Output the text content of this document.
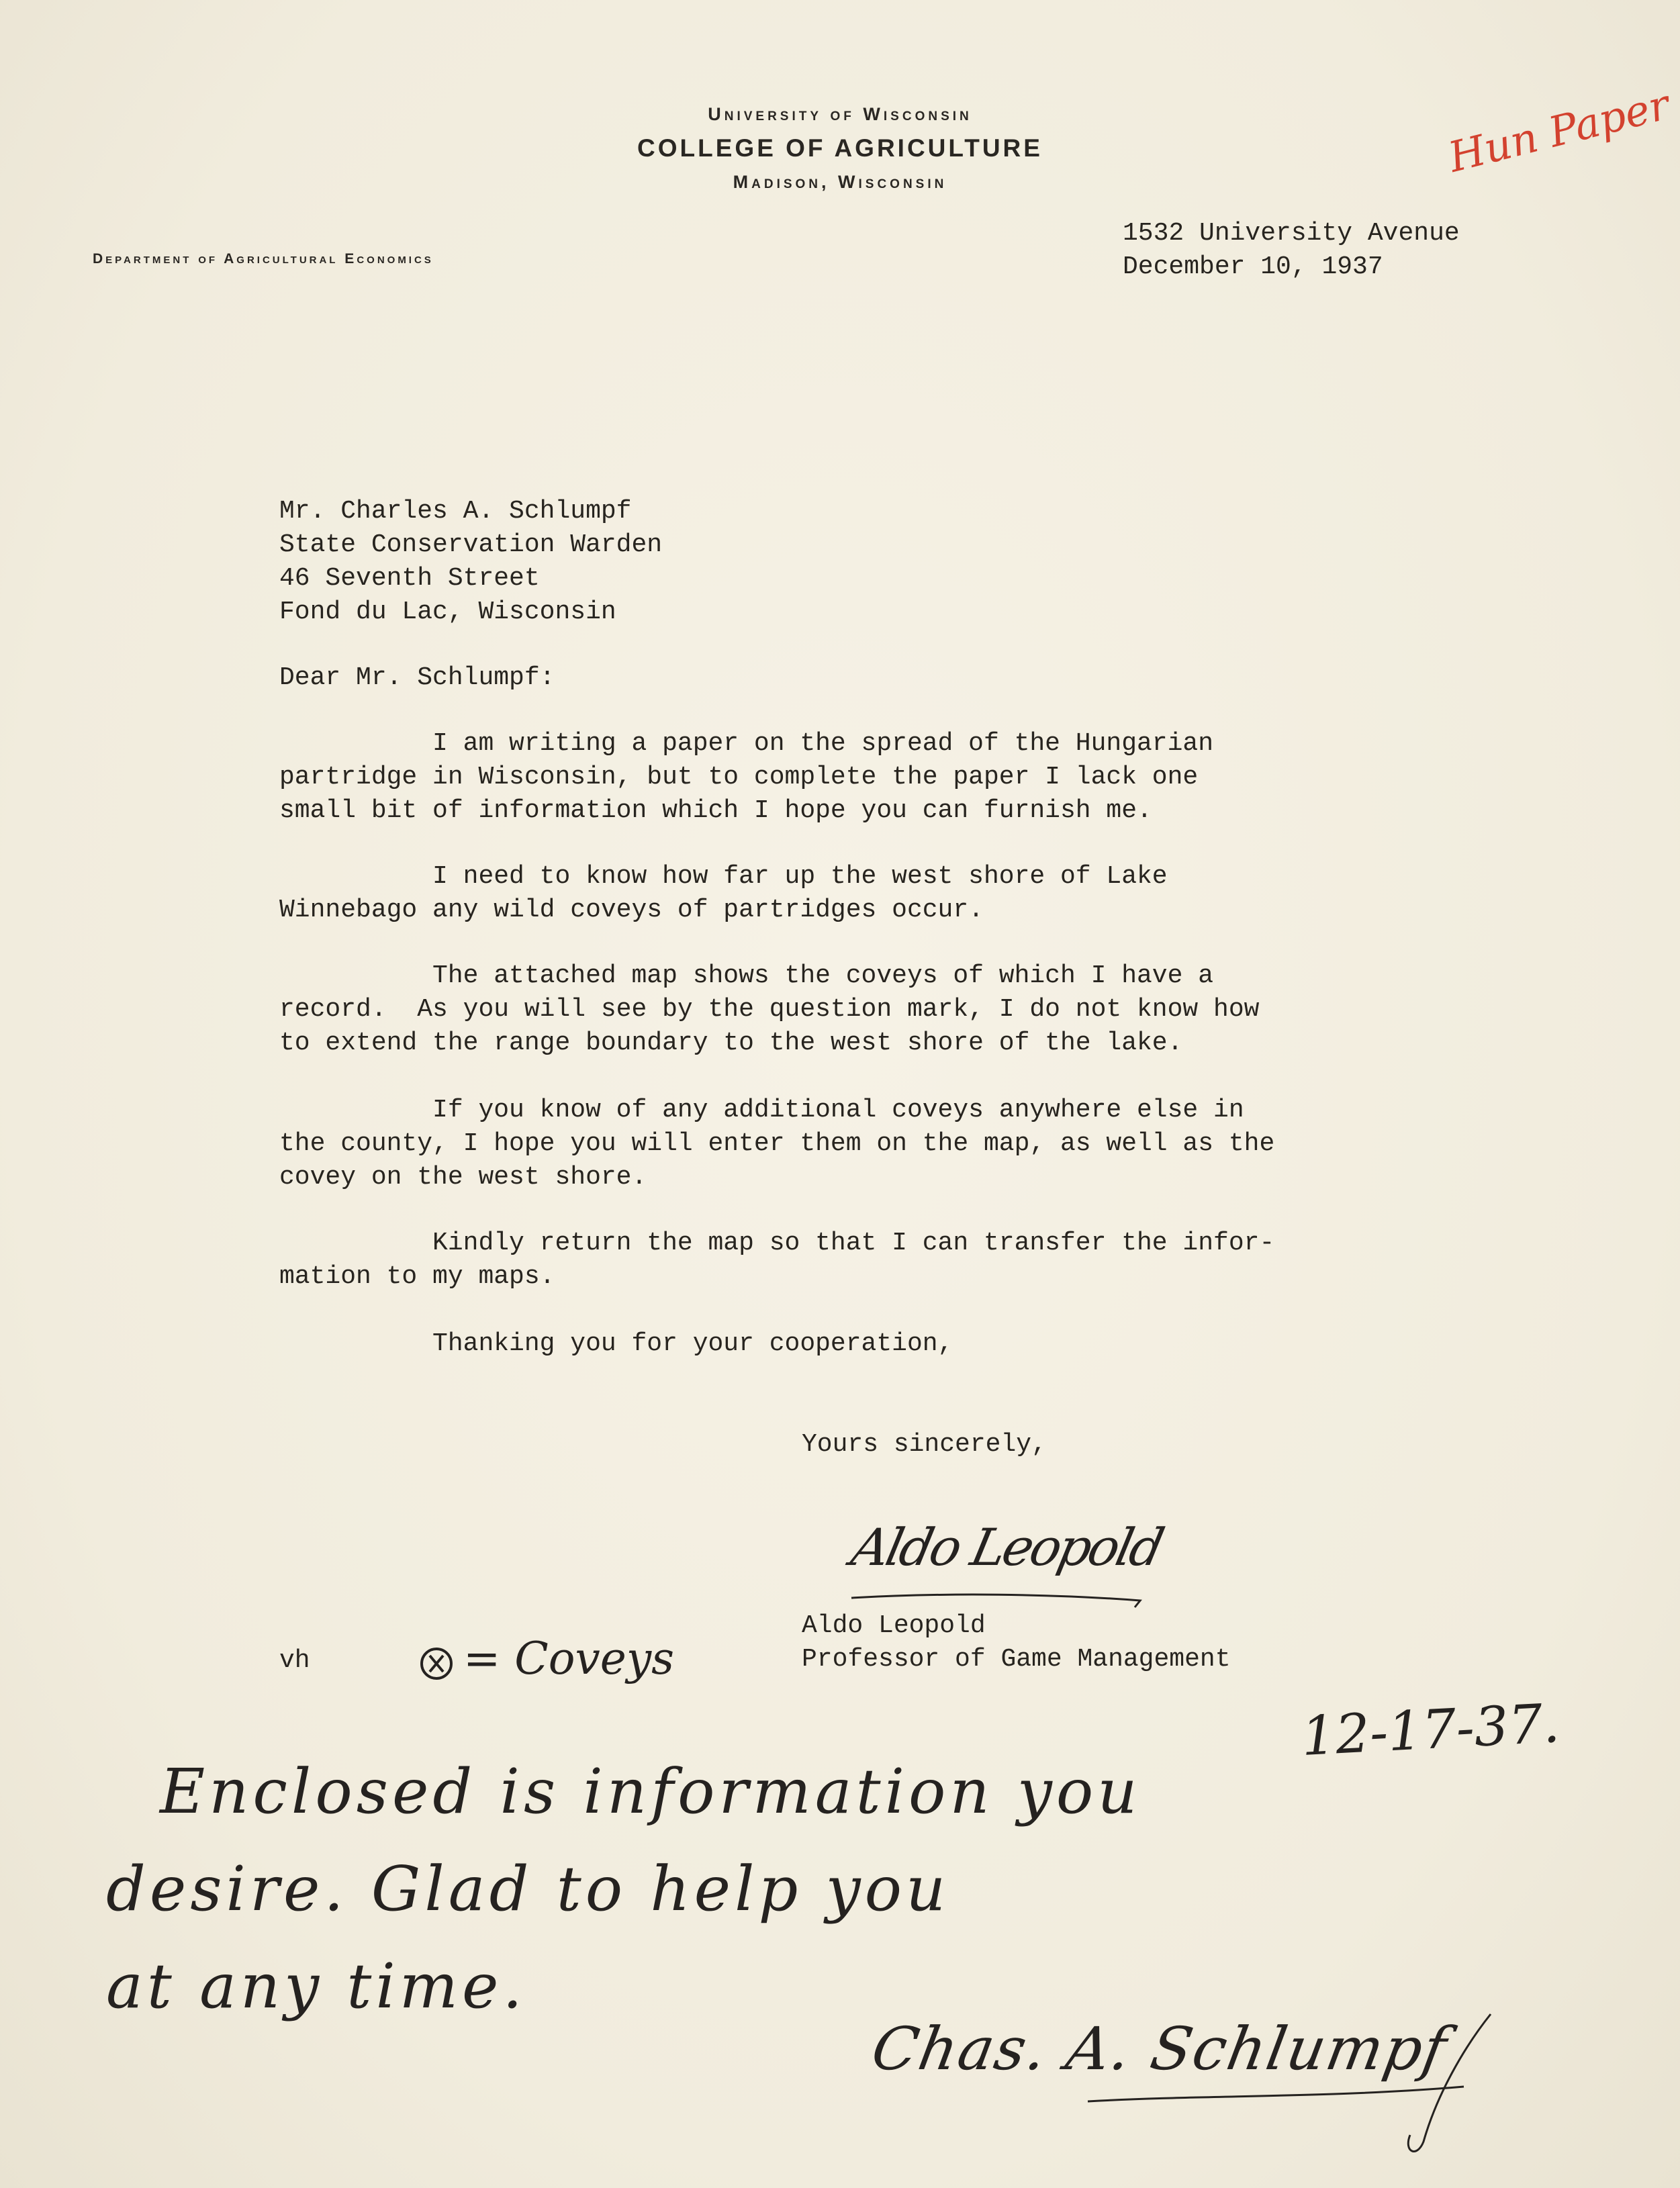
University of Wisconsin
COLLEGE OF AGRICULTURE
Madison, Wisconsin
Department of Agricultural Economics
Hun Paper
1532 University Avenue
December 10, 1937
Mr. Charles A. Schlumpf
State Conservation Warden
46 Seventh Street
Fond du Lac, Wisconsin
Dear Mr. Schlumpf:
I am writing a paper on the spread of the Hungarian
partridge in Wisconsin, but to complete the paper I lack one
small bit of information which I hope you can furnish me.
I need to know how far up the west shore of Lake
Winnebago any wild coveys of partridges occur.
The attached map shows the coveys of which I have a
record.  As you will see by the question mark, I do not know how
to extend the range boundary to the west shore of the lake.
If you know of any additional coveys anywhere else in
the county, I hope you will enter them on the map, as well as the
covey on the west shore.
Kindly return the map so that I can transfer the infor-
mation to my maps.
Thanking you for your cooperation,
Yours sincerely,
Aldo Leopold
Aldo Leopold
Professor of Game Management
vh	= Coveys
12-17-37.
Enclosed is information you
desire. Glad to help you
at any time.
Chas. A. Schlumpf
